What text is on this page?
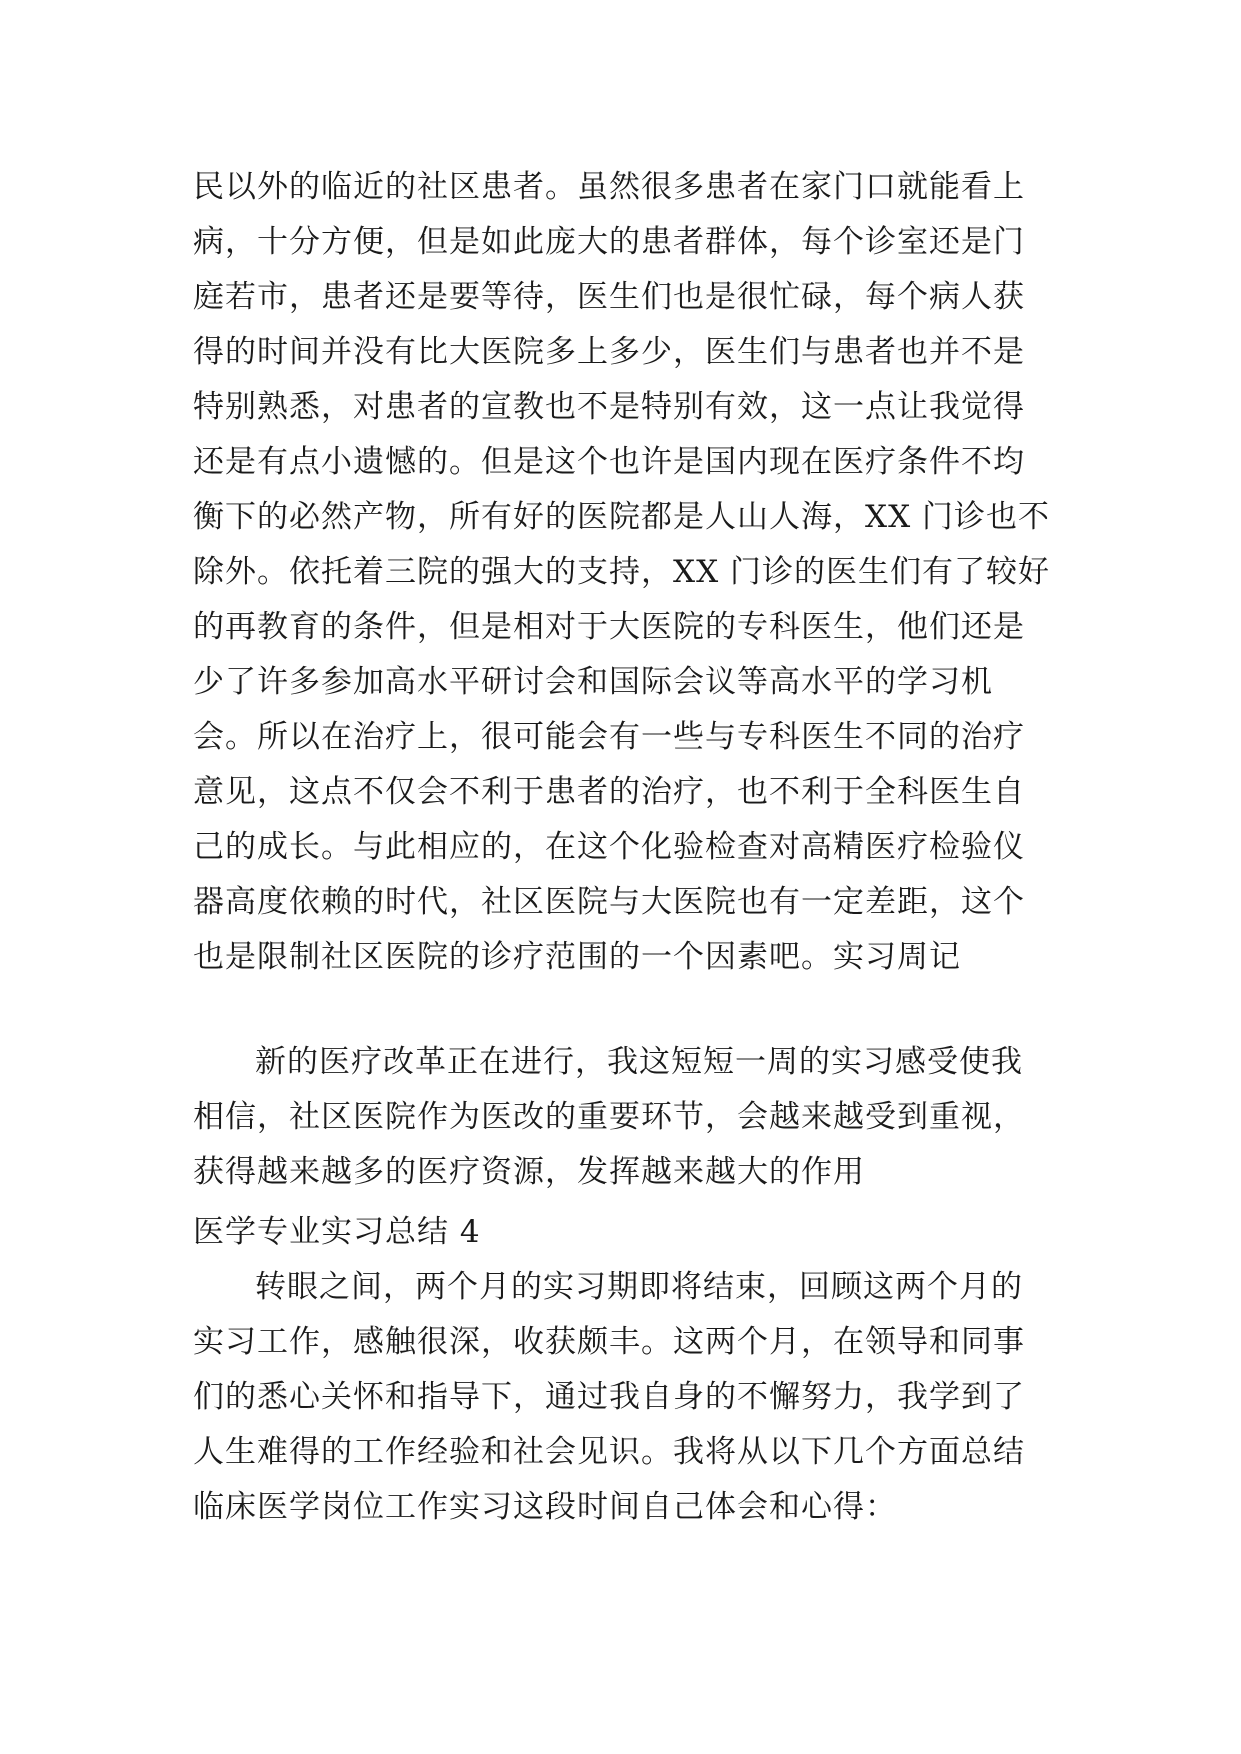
民以外的临近的社区患者。虽然很多患者在家门口就能看上
病，十分方便，但是如此庞大的患者群体，每个诊室还是门
庭若市，患者还是要等待，医生们也是很忙碌，每个病人获
得的时间并没有比大医院多上多少，医生们与患者也并不是
特别熟悉，对患者的宣教也不是特别有效，这一点让我觉得
还是有点小遗憾的。但是这个也许是国内现在医疗条件不均
衡下的必然产物，所有好的医院都是人山人海，XX 门诊也不
除外。依托着三院的强大的支持，XX 门诊的医生们有了较好
的再教育的条件，但是相对于大医院的专科医生，他们还是
少了许多参加高水平研讨会和国际会议等高水平的学习机
会。所以在治疗上，很可能会有一些与专科医生不同的治疗
意见，这点不仅会不利于患者的治疗，也不利于全科医生自
己的成长。与此相应的，在这个化验检查对高精医疗检验仪
器高度依赖的时代，社区医院与大医院也有一定差距，这个
也是限制社区医院的诊疗范围的一个因素吧。实习周记
新的医疗改革正在进行，我这短短一周的实习感受使我
相信，社区医院作为医改的重要环节，会越来越受到重视，
获得越来越多的医疗资源，发挥越来越大的作用
医学专业实习总结 4
转眼之间，两个月的实习期即将结束，回顾这两个月的
实习工作，感触很深，收获颇丰。这两个月，在领导和同事
们的悉心关怀和指导下，通过我自身的不懈努力，我学到了
人生难得的工作经验和社会见识。我将从以下几个方面总结
临床医学岗位工作实习这段时间自己体会和心得：
